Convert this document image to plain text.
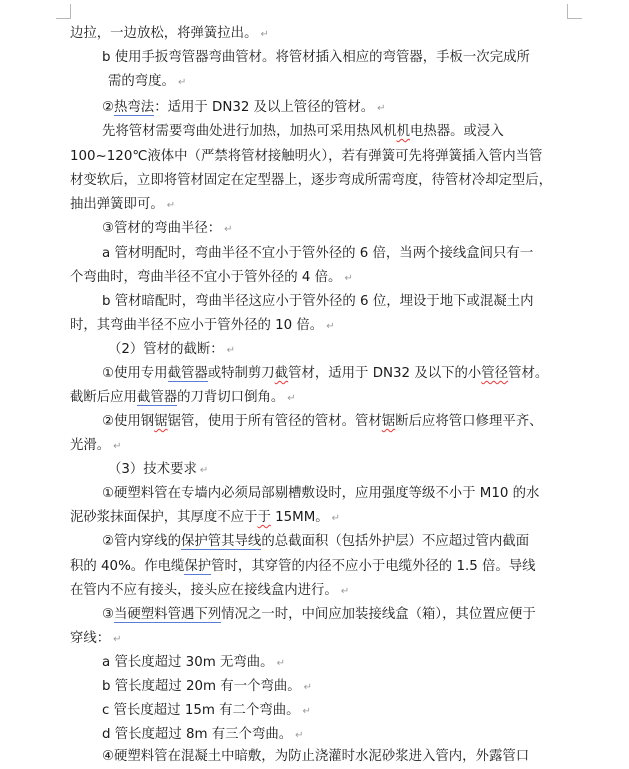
边拉，一边放松，将弹簧拉出。 ↵
b 使用手扳弯管器弯曲管材。将管材插入相应的弯管器，手板一次完成所
需的弯度。 ↵
②热弯法：适用于 DN32 及以上管径的管材。 ↵
先将管材需要弯曲处进行加热，加热可采用热风机机电热器。或浸入
100~120℃液体中（严禁将管材接触明火），若有弹簧可先将弹簧插入管内当管
材变软后，立即将管材固定在定型器上，逐步弯成所需弯度，待管材冷却定型后，
抽出弹簧即可。 ↵
③管材的弯曲半径： ↵
a 管材明配时，弯曲半径不宜小于管外径的 6 倍，当两个接线盒间只有一
个弯曲时，弯曲半径不宜小于管外径的 4 倍。 ↵
b 管材暗配时，弯曲半径这应小于管外径的 6 位，埋设于地下或混凝土内
时，其弯曲半径不应小于管外径的 10 倍。 ↵
（2）管材的截断： ↵
①使用专用截管器或特制剪刀截管材，适用于 DN32 及以下的小管径管材。
截断后应用截管器的刀背切口倒角。 ↵
②使用钢锯锯管，使用于所有管径的管材。管材锯断后应将管口修理平齐、
光滑。 ↵
（3）技术要求 ↵
①硬塑料管在专墙内必须局部剔槽敷设时，应用强度等级不小于 M10 的水
泥砂浆抹面保护，其厚度不应于于 15MM。 ↵
②管内穿线的保护管其导线的总截面积（包括外护层）不应超过管内截面
积的 40%。作电缆保护管时，其穿管的内径不应小于电缆外径的 1.5 倍。导线
在管内不应有接头，接头应在接线盒内进行。 ↵
③当硬塑料管遇下列情况之一时，中间应加装接线盒（箱），其位置应便于
穿线： ↵
a 管长度超过 30m 无弯曲。 ↵
b 管长度超过 20m 有一个弯曲。 ↵
c 管长度超过 15m 有二个弯曲。 ↵
d 管长度超过 8m 有三个弯曲。 ↵
④硬塑料管在混凝土中暗敷，为防止浇灌时水泥砂浆进入管内，外露管口
